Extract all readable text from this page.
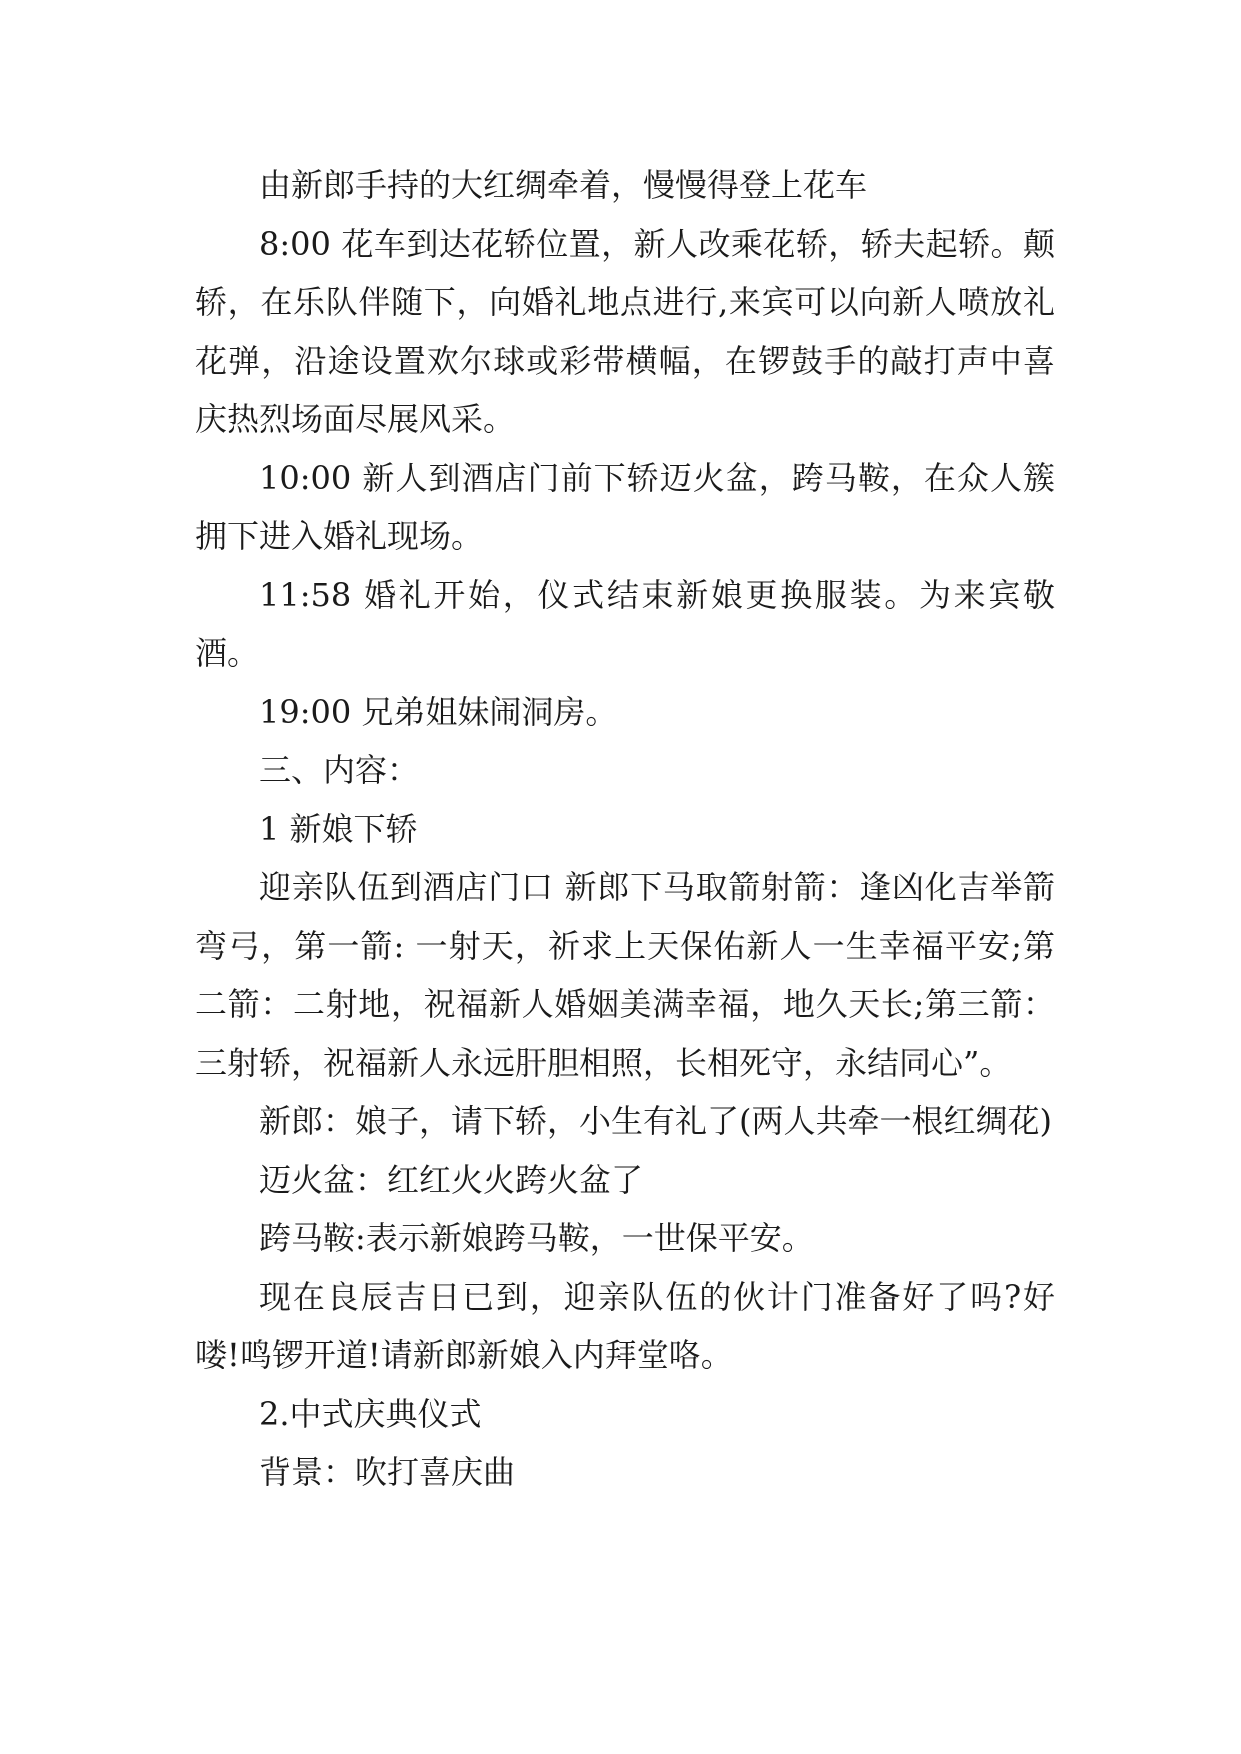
由新郎手持的大红绸牵着，慢慢得登上花车

8:00 花车到达花轿位置，新人改乘花轿，轿夫起轿。颠轿，在乐队伴随下，向婚礼地点进行,来宾可以向新人喷放礼花弹，沿途设置欢尔球或彩带横幅，在锣鼓手的敲打声中喜庆热烈场面尽展风采。

10:00 新人到酒店门前下轿迈火盆，跨马鞍，在众人簇拥下进入婚礼现场。

11:58 婚礼开始，仪式结束新娘更换服装。为来宾敬酒。

19:00 兄弟姐妹闹洞房。

三、内容：

1 新娘下轿

迎亲队伍到酒店门口 新郎下马取箭射箭：逢凶化吉举箭弯弓，第一箭: 一射天，祈求上天保佑新人一生幸福平安;第二箭：二射地，祝福新人婚姻美满幸福，地久天长;第三箭：三射轿，祝福新人永远肝胆相照，长相死守，永结同心”。

新郎：娘子，请下轿，小生有礼了(两人共牵一根红绸花)

迈火盆：红红火火跨火盆了

跨马鞍:表示新娘跨马鞍，一世保平安。

现在良辰吉日已到，迎亲队伍的伙计门准备好了吗?好喽!鸣锣开道!请新郎新娘入内拜堂咯。

2.中式庆典仪式

背景：吹打喜庆曲
